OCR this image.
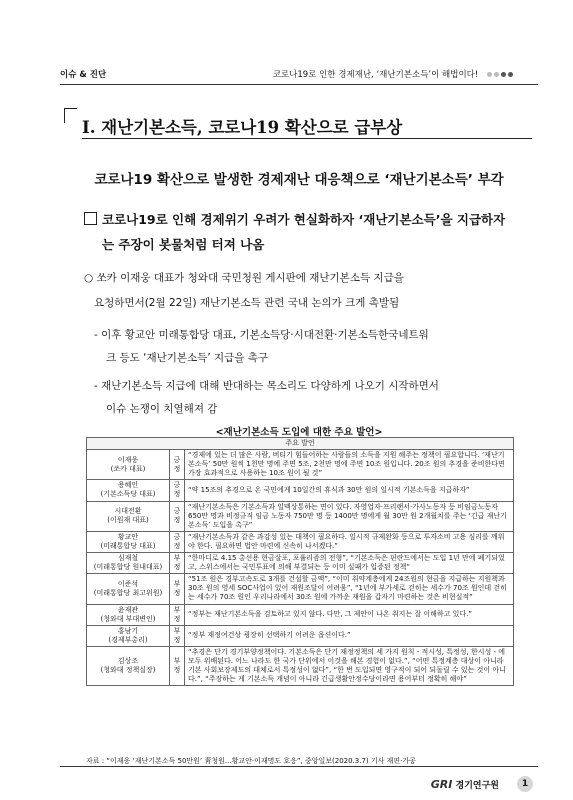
이슈 & 진단	코로나19로 인한 경제재난, ‘재난기본소득’이 해법이다!
Ⅰ. 재난기본소득, 코로나19 확산으로 급부상
코로나19 확산으로 발생한 경제재난 대응책으로 ‘재난기본소득’ 부각
코로나19로 인해 경제위기 우려가 현실화하자 ‘재난기본소득’을 지급하자
는 주장이 봇물처럼 터져 나옴
○ 쏘카 이재웅 대표가 청와대 국민청원 게시판에 재난기본소득 지급을
요청하면서(2월 22일) 재난기본소득 관련 국내 논의가 크게 촉발됨
- 이후 황교안 미래통합당 대표, 기본소득당·시대전환·기본소득한국네트워
크 등도 ‘재난기본소득’ 지급을 촉구
- 재난기본소득 지급에 대해 반대하는 목소리도 다양하게 나오기 시작하면서
이슈 논쟁이 치열해져 감
<재난기본소득 도입에 대한 주요 발언>
주요 발언		
이재웅
(쏘카 대표)	긍정	“경제에 있는 더 많은 사람, 버티기 힘들어하는 사람들의 소득을 지원 해주는 정책이 필요합니다. ‘재난기본소득’ 50만 원씩 1천만 명에 주면 5조, 2천만 명에 주면 10조 원입니다. 20조 원의 추경을 준비한다면 가장 효과적으로 사용하는 10조 원이 될 것”
용혜인
(기본소득당 대표)	긍정	“약 15조의 추경으로 온 국민에게 10일간의 휴식과 30만 원의 일시적 기본소득을 지급하자”
시대전환
(이원재 대표)	긍정	“재난기본소득은 기본소득과 일맥상통하는 면이 있다. 자영업자·프리랜서·가사노동자 등 비임금노동자 650만 명과 비정규직 임금 노동자 750만 명 등 1400만 명에게 월 30만 원 2개월치를 주는 ‘긴급 재난기본소득’ 도입을 촉구”
황교안
(미래통합당 대표)	긍정	“재난기본소득과 같은 과감성 있는 대책이 필요하다. 일시적 규제완화 등으로 투자소비 고용 심리를 깨워야 한다. 필요하면 법안 마련에 신속히 나서겠다.”
심재철
(미래통합당 원내대표)	부정	“한마디로 4.15 총선용 현금살포, 포퓰리즘의 전형”, “기본소득은 핀란드에서는 도입 1년 만에 폐기되었고, 스위스에서는 국민투표에 의해 부결되는 등 이미 실패가 입증된 정책”
이준석
(미래통합당 최고위원)	부정	“51조 원은 경부고속도로 3개를 건설할 금액”, “이미 취약계층에게 24조원의 현금을 지급하는 지원책과 30조 원의 영세 SOC사업이 있어 재원조달이 어려움”, “1년에 부가세로 걷히는 세수가 70조 원인데 걷히는 세수가 70조 원인 우리나라에서 30조 원에 가까운 재원을 갑자기 마련하는 것은 비현실적”
윤재관
(청와대 부대변인)	부정	“정부는 재난기본소득을 검토하고 있지 않다. 다만, 그 제안이 나온 취지는 잘 이해하고 있다.”
홍남기
(경제부총리)	부정	“정부 재정여건상 굉장히 선택하기 어려운 옵션이다.”
김상조
(청와대 정책실장)	부정	“추경은 단기 경기부양정책이다. 기본소득은 단기 재정정책의 세 가지 원칙 - 적시성, 특정성, 한시성 - 에 모두 위배된다. 어느 나라도 한 국가 단위에서 이것을 해본 경험이 없다.”, “어떤 특정계층 대상이 아니라 기본 사회보장제도의 대체로서 특정성이 없다”, “한 번 도입되면 영구적이 되어 되돌릴 수 있는 것이 아니다.”, “주장하는 게 기본소득 개념이 아니라 긴급생활안정수당이라면 용어부터 정확히 해야”
자료 : “이재웅 ‘재난기본소득 50만원’ 靑청원...황교안·이재명도 호응”, 중앙일보(2020.3.7) 기사 재편·가공
GRI 경기연구원	1
